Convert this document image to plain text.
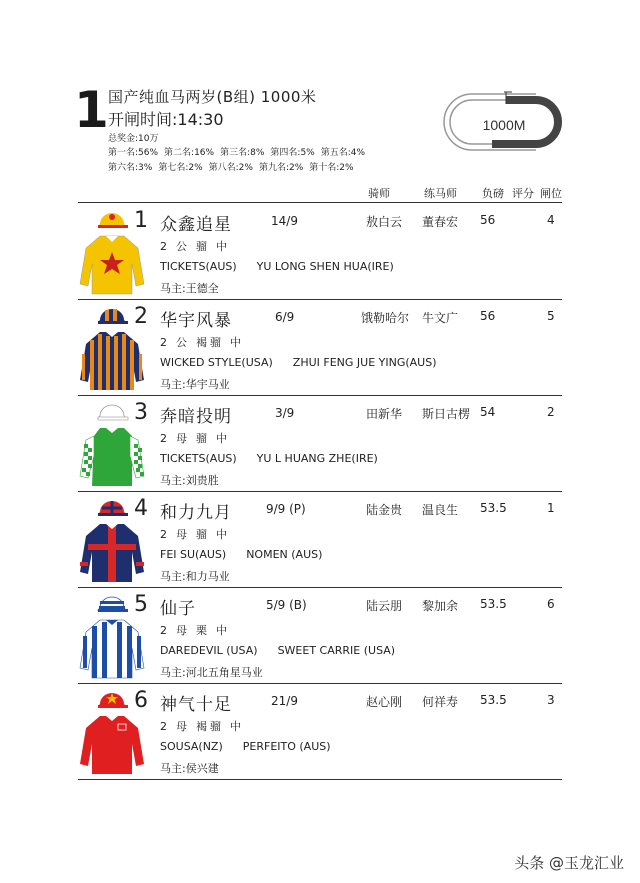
1 国产纯血马两岁(B组) 1000米
开闸时间:14:30
总奖金:10万
第一名:56% 第二名:16% 第三名:8% 第四名:5% 第五名:4%
第六名:3% 第七名:2% 第八名:2% 第九名:2% 第十名:2%
1000M
骑师	练马师 负磅 评分 闸位
1 众鑫追星	14/9	敖白云 董春宏 56	4
2 公 骝 中
TICKETS(AUS) YU LONG SHEN HUA(IRE)
马主:王德全
2 华宇风暴	6/9	饿勒哈尔 牛文广 56	5
2 公 褐骝 中
WICKED STYLE(USA) ZHUI FENG JUE YING(AUS)
马主:华宇马业
3 奔暗投明	3/9	田新华 斯日古楞 54	2
2 母 骝 中
TICKETS(AUS) YU L HUANG ZHE(IRE)
马主:刘贵胜
4 和力九月	9/9 (P)	陆金贵 温良生 53.5	1
2 母 骝 中
FEI SU(AUS) NOMEN (AUS)
马主:和力马业
5 仙子	5/9 (B)	陆云朋 黎加余 53.5	6
2 母 栗 中
DAREDEVIL (USA) SWEET CARRIE (USA)
马主:河北五角星马业
6 神气十足	21/9	赵心刚 何祥寿 53.5	3
2 母 褐骝 中
SOUSA(NZ) PERFEITO (AUS)
马主:侯兴建
头条 @玉龙汇业
